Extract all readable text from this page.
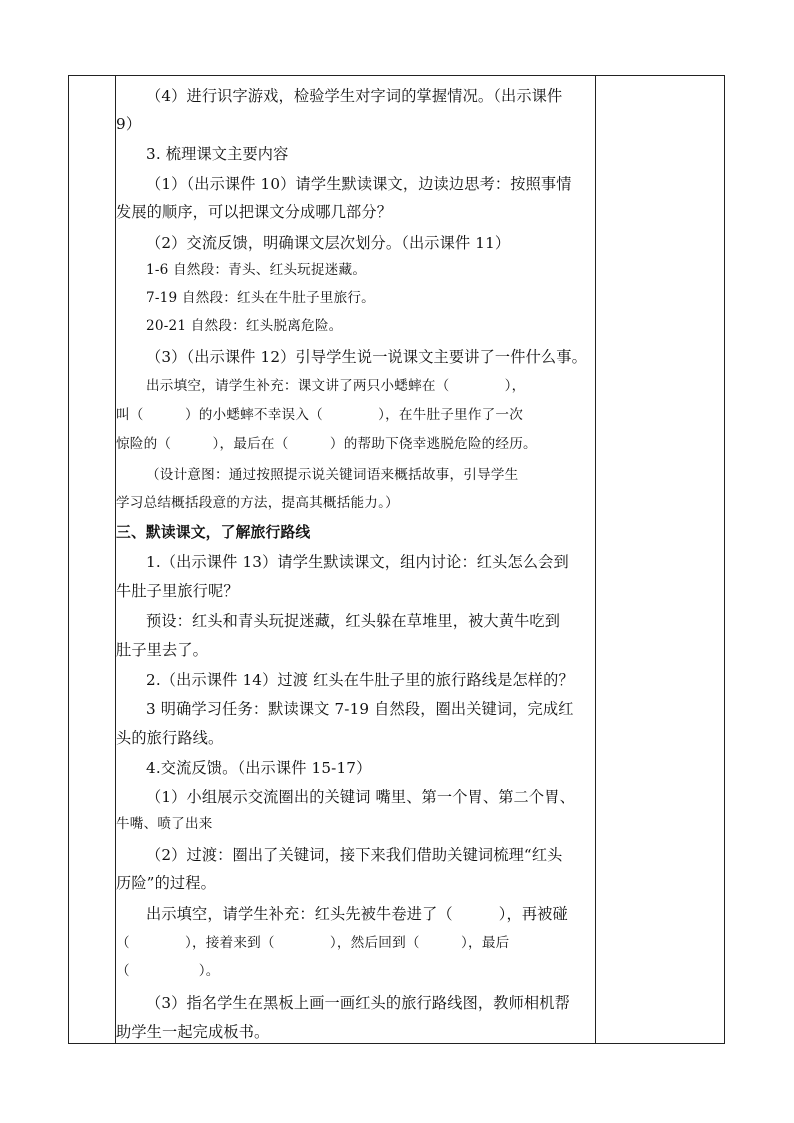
（4）进行识字游戏，检验学生对字词的掌握情况。（出示课件
9）
3. 梳理课文主要内容
（1）（出示课件 10）请学生默读课文，边读边思考：按照事情
发展的顺序，可以把课文分成哪几部分？
（2）交流反馈，明确课文层次划分。（出示课件 11）
1-6 自然段：青头、红头玩捉迷藏。
7-19 自然段：红头在牛肚子里旅行。
20-21 自然段：红头脱离危险。
（3）（出示课件 12）引导学生说一说课文主要讲了一件什么事。
出示填空，请学生补充：课文讲了两只小蟋蟀在（　　　　），
叫（　　　）的小蟋蟀不幸误入（　　　　），在牛肚子里作了一次
惊险的（　　　），最后在（　　　）的帮助下侥幸逃脱危险的经历。
（设计意图：通过按照提示说关键词语来概括故事，引导学生
学习总结概括段意的方法，提高其概括能力。）
三、默读课文，了解旅行路线
1.（出示课件 13）请学生默读课文，组内讨论：红头怎么会到
牛肚子里旅行呢？
预设：红头和青头玩捉迷藏，红头躲在草堆里，被大黄牛吃到
肚子里去了。
2.（出示课件 14）过渡 红头在牛肚子里的旅行路线是怎样的？
3 明确学习任务：默读课文 7-19 自然段，圈出关键词，完成红
头的旅行路线。
4.交流反馈。（出示课件 15-17）
（1）小组展示交流圈出的关键词 嘴里、第一个胃、第二个胃、
牛嘴、喷了出来
（2）过渡：圈出了关键词，接下来我们借助关键词梳理“红头
历险”的过程。
出示填空，请学生补充：红头先被牛卷进了（　　　），再被碰
（　　　　），接着来到（　　　　），然后回到（　　　），最后
（　　　　　）。
（3）指名学生在黑板上画一画红头的旅行路线图，教师相机帮
助学生一起完成板书。
